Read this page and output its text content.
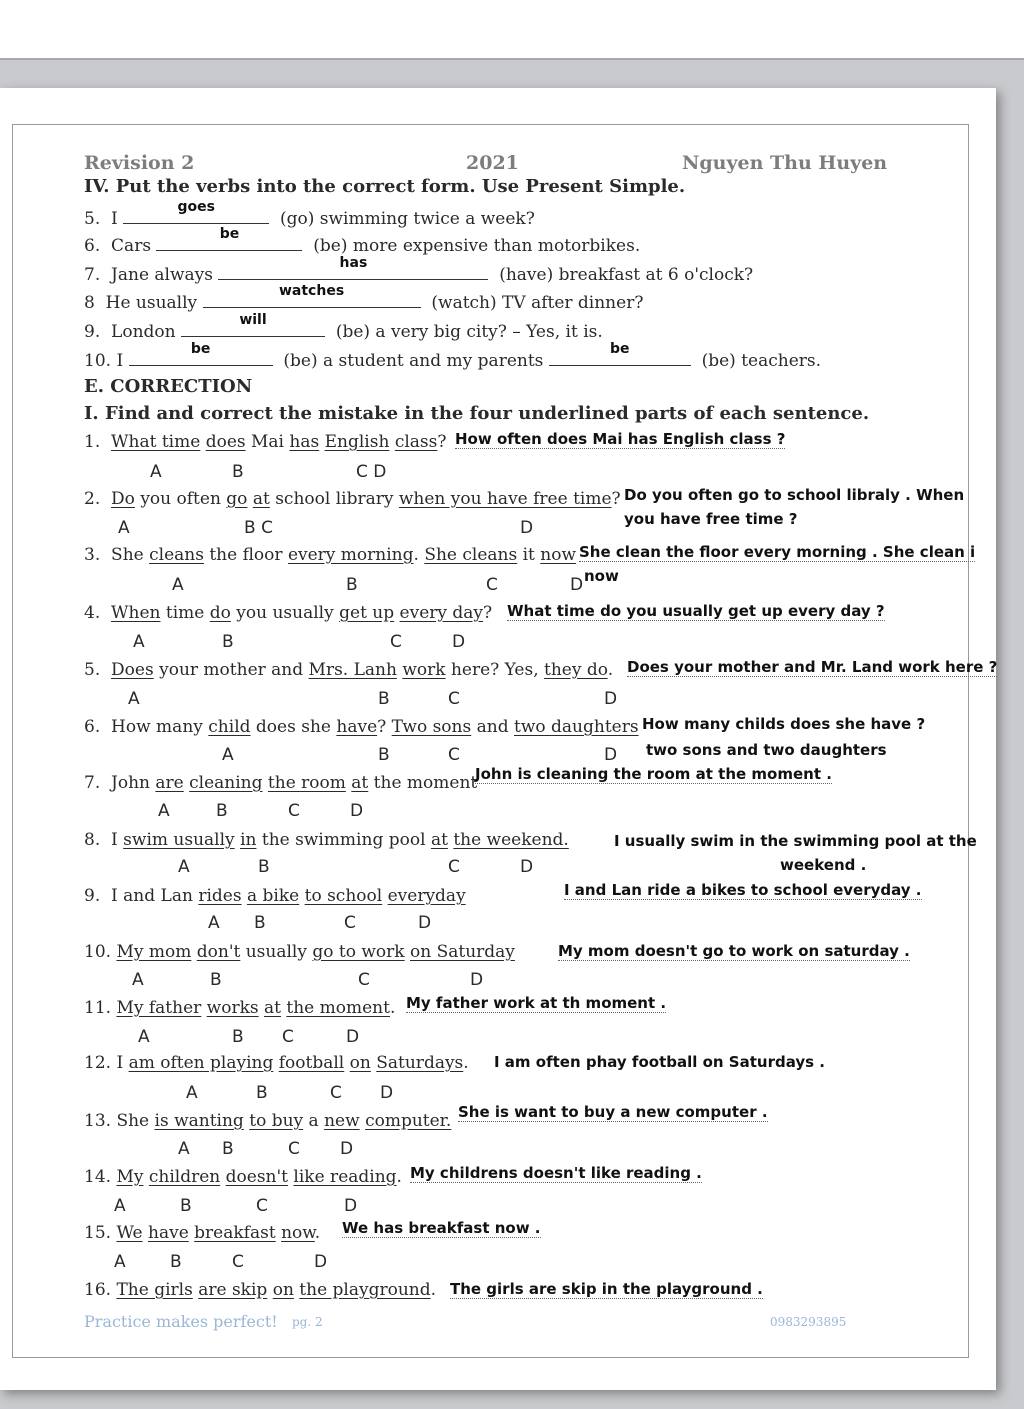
Revision 2	2021	Nguyen Thu Huyen
IV. Put the verbs into the correct form. Use Present Simple.
5. I
goes
(go) swimming twice a week?
6. Cars
be
(be) more expensive than motorbikes.
7. Jane always
has
(have) breakfast at 6 o'clock?
8 He usually
watches
(watch) TV after dinner?
9. London
will
(be) a very big city? – Yes, it is.
10. I
be
(be) a student and my parents
be
(be) teachers.
E. CORRECTION
I. Find and correct the mistake in the four underlined parts of each sentence.
1. What time does Mai has English class? How often does Mai has English class ?
A	B	C D
2. Do you often go at school library when you have free time? Do you often go to school libraly . When
you have free time ?
A	B C	D
3. She cleans the floor every morning. She cleans it now She clean the floor every morning . She clean i
now
A	B	C	D
4. When time do you usually get up every day? What time do you usually get up every day ?
A	B	C	D
5. Does your mother and Mrs. Lanh work here? Yes, they do. Does your mother and Mr. Land work here ?
A	B	C	D
6. How many child does she have? Two sons and two daughters How many childs does she have ?
two sons and two daughters
A	B	C	D
7. John are cleaning the room at the moment
John is cleaning the room at the moment .
A	B	C	D
8. I swim usually in the swimming pool at the weekend.	I usually swim in the swimming pool at the
weekend .
A	B	C	D
9. I and Lan rides a bike to school everyday	I and Lan ride a bikes to school everyday .
A B	C	D
10. My mom don't usually go to work on Saturday	My mom doesn't go to work on saturday .
A	B	C	D
11. My father works at the moment. My father work at th moment .
A	B C	D
12. I am often playing football on Saturdays. I am often phay football on Saturdays .
A	B	C D
13. She is wanting to buy a new computer. She is want to buy a new computer .
A B	C D
14. My children doesn't like reading. My childrens doesn't like reading .
A	B	C	D
15. We have breakfast now. We has breakfast now .
A	B	C	D
16. The girls are skip on the playground. The girls are skip in the playground .
Practice makes perfect! pg. 2	0983293895
